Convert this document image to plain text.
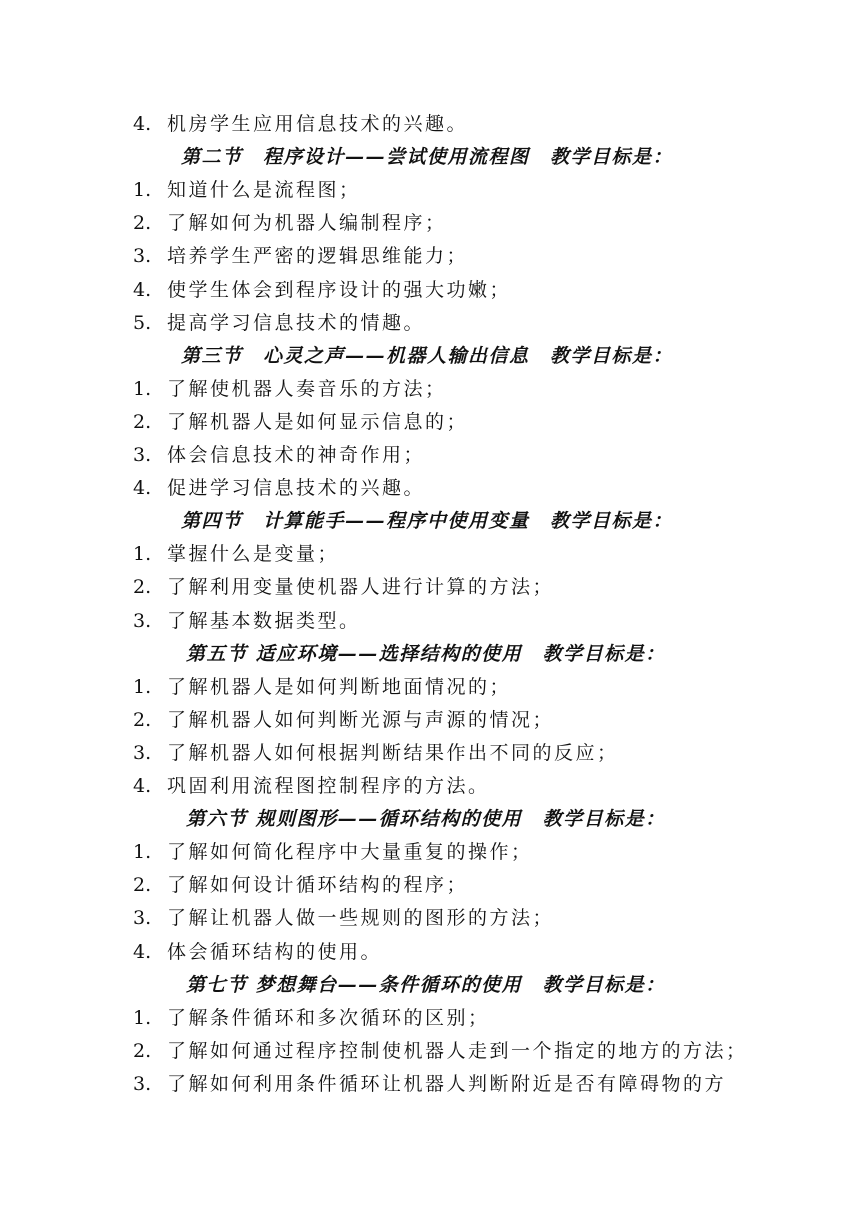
4. 机房学生应用信息技术的兴趣。
第二节　程序设计——尝试使用流程图　教学目标是：
1. 知道什么是流程图；
2. 了解如何为机器人编制程序；
3. 培养学生严密的逻辑思维能力；
4. 使学生体会到程序设计的强大功嫩；
5. 提高学习信息技术的情趣。
第三节　心灵之声——机器人输出信息　教学目标是：
1. 了解使机器人奏音乐的方法；
2. 了解机器人是如何显示信息的；
3. 体会信息技术的神奇作用；
4. 促进学习信息技术的兴趣。
第四节　计算能手——程序中使用变量　教学目标是：
1. 掌握什么是变量；
2. 了解利用变量使机器人进行计算的方法；
3. 了解基本数据类型。
第五节 适应环境——选择结构的使用　教学目标是：
1. 了解机器人是如何判断地面情况的；
2. 了解机器人如何判断光源与声源的情况；
3. 了解机器人如何根据判断结果作出不同的反应；
4. 巩固利用流程图控制程序的方法。
第六节 规则图形——循环结构的使用　教学目标是：
1. 了解如何简化程序中大量重复的操作；
2. 了解如何设计循环结构的程序；
3. 了解让机器人做一些规则的图形的方法；
4. 体会循环结构的使用。
第七节 梦想舞台——条件循环的使用　教学目标是：
1. 了解条件循环和多次循环的区别；
2. 了解如何通过程序控制使机器人走到一个指定的地方的方法；
3. 了解如何利用条件循环让机器人判断附近是否有障碍物的方
